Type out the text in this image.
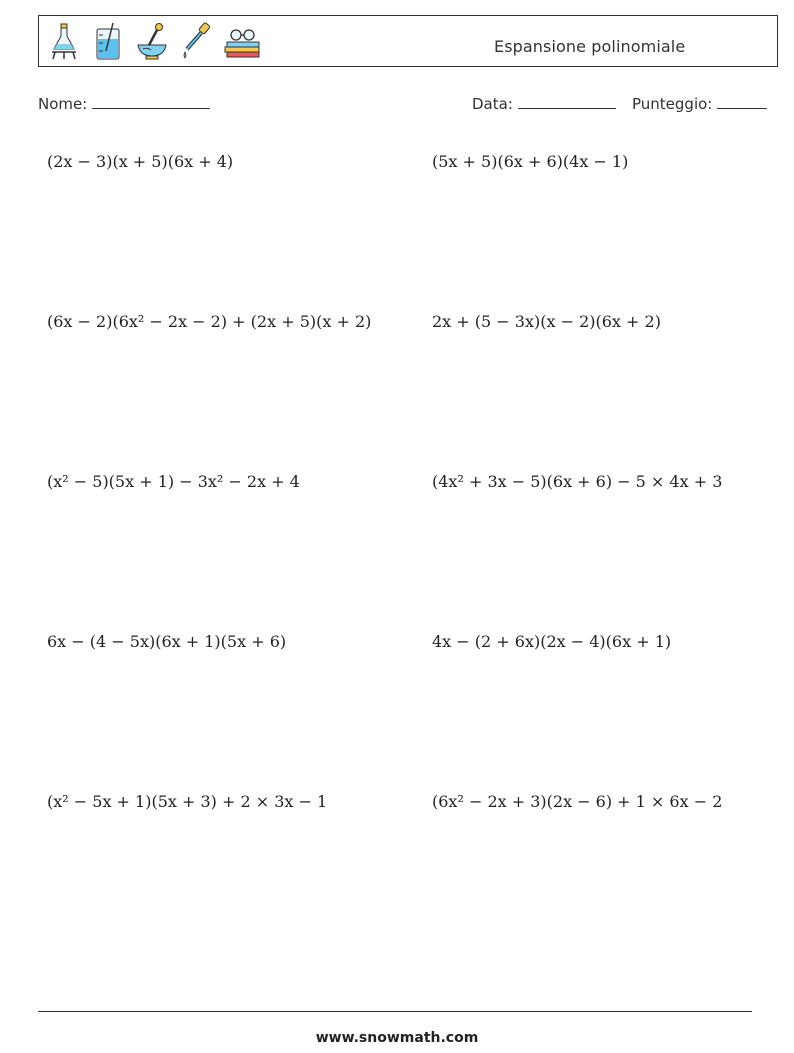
Espansione polinomiale
Nome:	Data:	Punteggio:
(2x − 3)(x + 5)(6x + 4)	(5x + 5)(6x + 6)(4x − 1)
(6x − 2)(6x² − 2x − 2) + (2x + 5)(x + 2)	2x + (5 − 3x)(x − 2)(6x + 2)
(x² − 5)(5x + 1) − 3x² − 2x + 4	(4x² + 3x − 5)(6x + 6) − 5 × 4x + 3
6x − (4 − 5x)(6x + 1)(5x + 6)	4x − (2 + 6x)(2x − 4)(6x + 1)
(x² − 5x + 1)(5x + 3) + 2 × 3x − 1	(6x² − 2x + 3)(2x − 6) + 1 × 6x − 2
www.snowmath.com
